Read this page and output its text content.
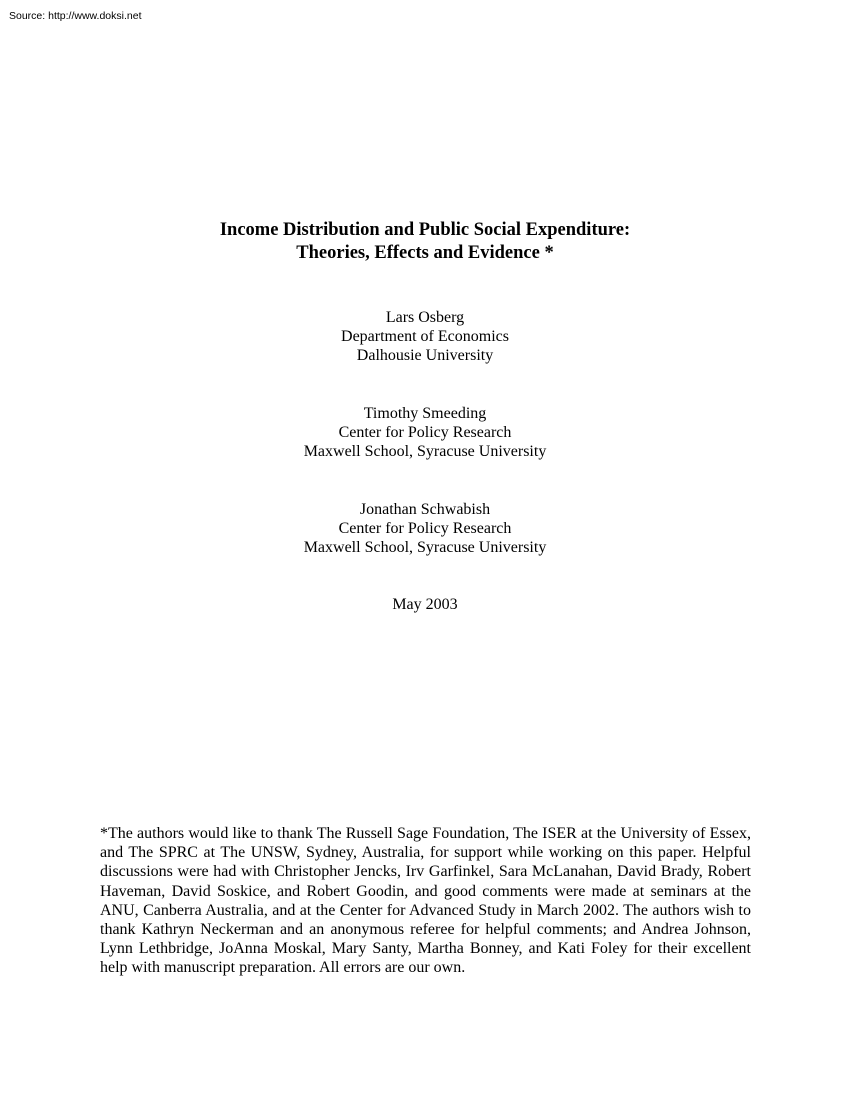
Source: http://www.doksi.net
Income Distribution and Public Social Expenditure:
Theories, Effects and Evidence *
Lars Osberg
Department of Economics
Dalhousie University
Timothy Smeeding
Center for Policy Research
Maxwell School, Syracuse University
Jonathan Schwabish
Center for Policy Research
Maxwell School, Syracuse University
May 2003
*The authors would like to thank The Russell Sage Foundation, The ISER at the University of Essex, and The SPRC at The UNSW, Sydney, Australia, for support while working on this paper. Helpful discussions were had with Christopher Jencks, Irv Garfinkel, Sara McLanahan, David Brady, Robert Haveman, David Soskice, and Robert Goodin, and good comments were made at seminars at the ANU, Canberra Australia, and at the Center for Advanced Study in March 2002. The authors wish to thank Kathryn Neckerman and an anonymous referee for helpful comments; and Andrea Johnson, Lynn Lethbridge, JoAnna Moskal, Mary Santy, Martha Bonney, and Kati Foley for their excellent help with manuscript preparation. All errors are our own.
